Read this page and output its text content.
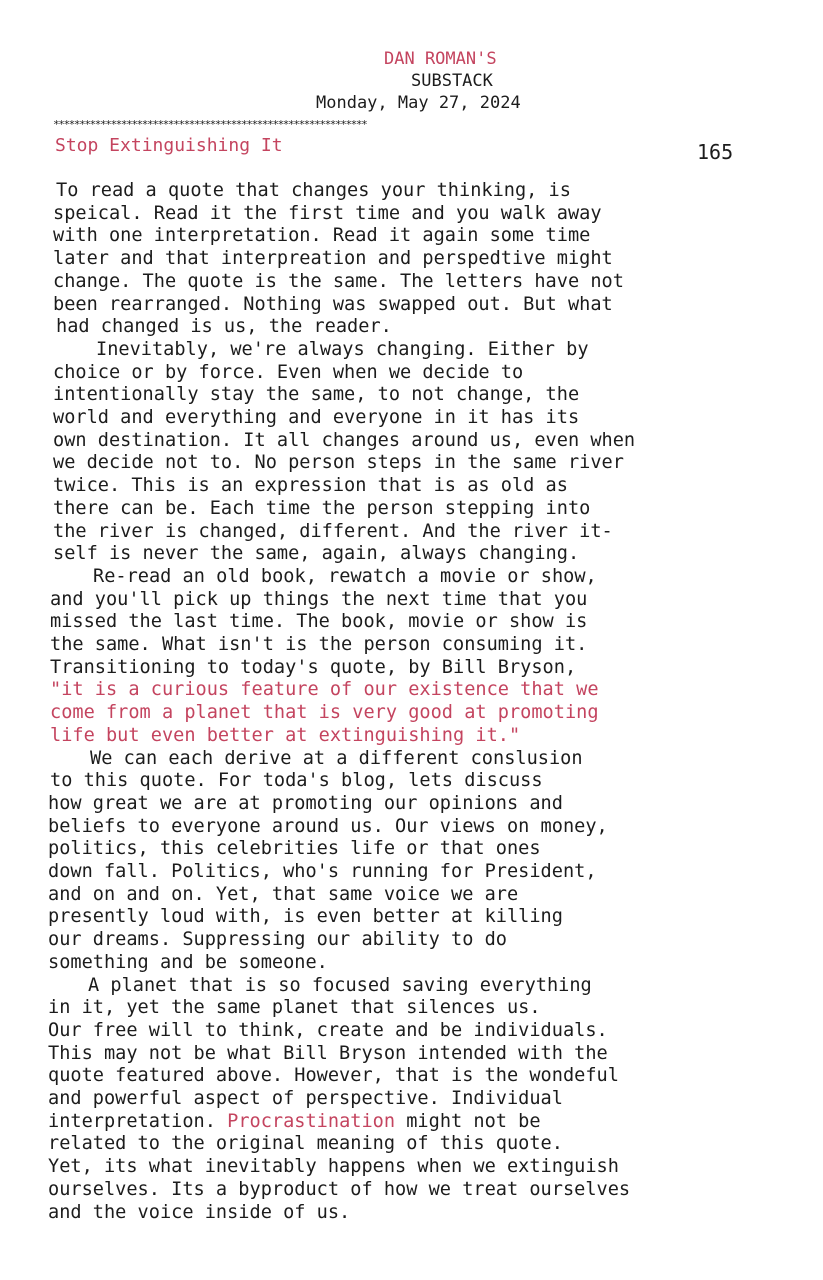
DAN ROMAN'S
SUBSTACK
Monday, May 27, 2024
************************************************************
Stop Extinguishing It	165
To read a quote that changes your thinking, is
speical. Read it the first time and you walk away
with one interpretation. Read it again some time
later and that interpreation and perspedtive might
change. The quote is the same. The letters have not
been rearranged. Nothing was swapped out. But what
had changed is us, the reader.
Inevitably, we're always changing. Either by
choice or by force. Even when we decide to
intentionally stay the same, to not change, the
world and everything and everyone in it has its
own destination. It all changes around us, even when
we decide not to. No person steps in the same river
twice. This is an expression that is as old as
there can be. Each time the person stepping into
the river is changed, different. And the river it-
self is never the same, again, always changing.
Re-read an old book, rewatch a movie or show,
and you'll pick up things the next time that you
missed the last time. The book, movie or show is
the same. What isn't is the person consuming it.
Transitioning to today's quote, by Bill Bryson,
"it is a curious feature of our existence that we
come from a planet that is very good at promoting
life but even better at extinguishing it."
We can each derive at a different conslusion
to this quote. For toda's blog, lets discuss
how great we are at promoting our opinions and
beliefs to everyone around us. Our views on money,
politics, this celebrities life or that ones
down fall. Politics, who's running for President,
and on and on. Yet, that same voice we are
presently loud with, is even better at killing
our dreams. Suppressing our ability to do
something and be someone.
A planet that is so focused saving everything
in it, yet the same planet that silences us.
Our free will to think, create and be individuals.
This may not be what Bill Bryson intended with the
quote featured above. However, that is the wondeful
and powerful aspect of perspective. Individual
interpretation. Procrastination might not be
related to the original meaning of this quote.
Yet, its what inevitably happens when we extinguish
ourselves. Its a byproduct of how we treat ourselves
and the voice inside of us.
